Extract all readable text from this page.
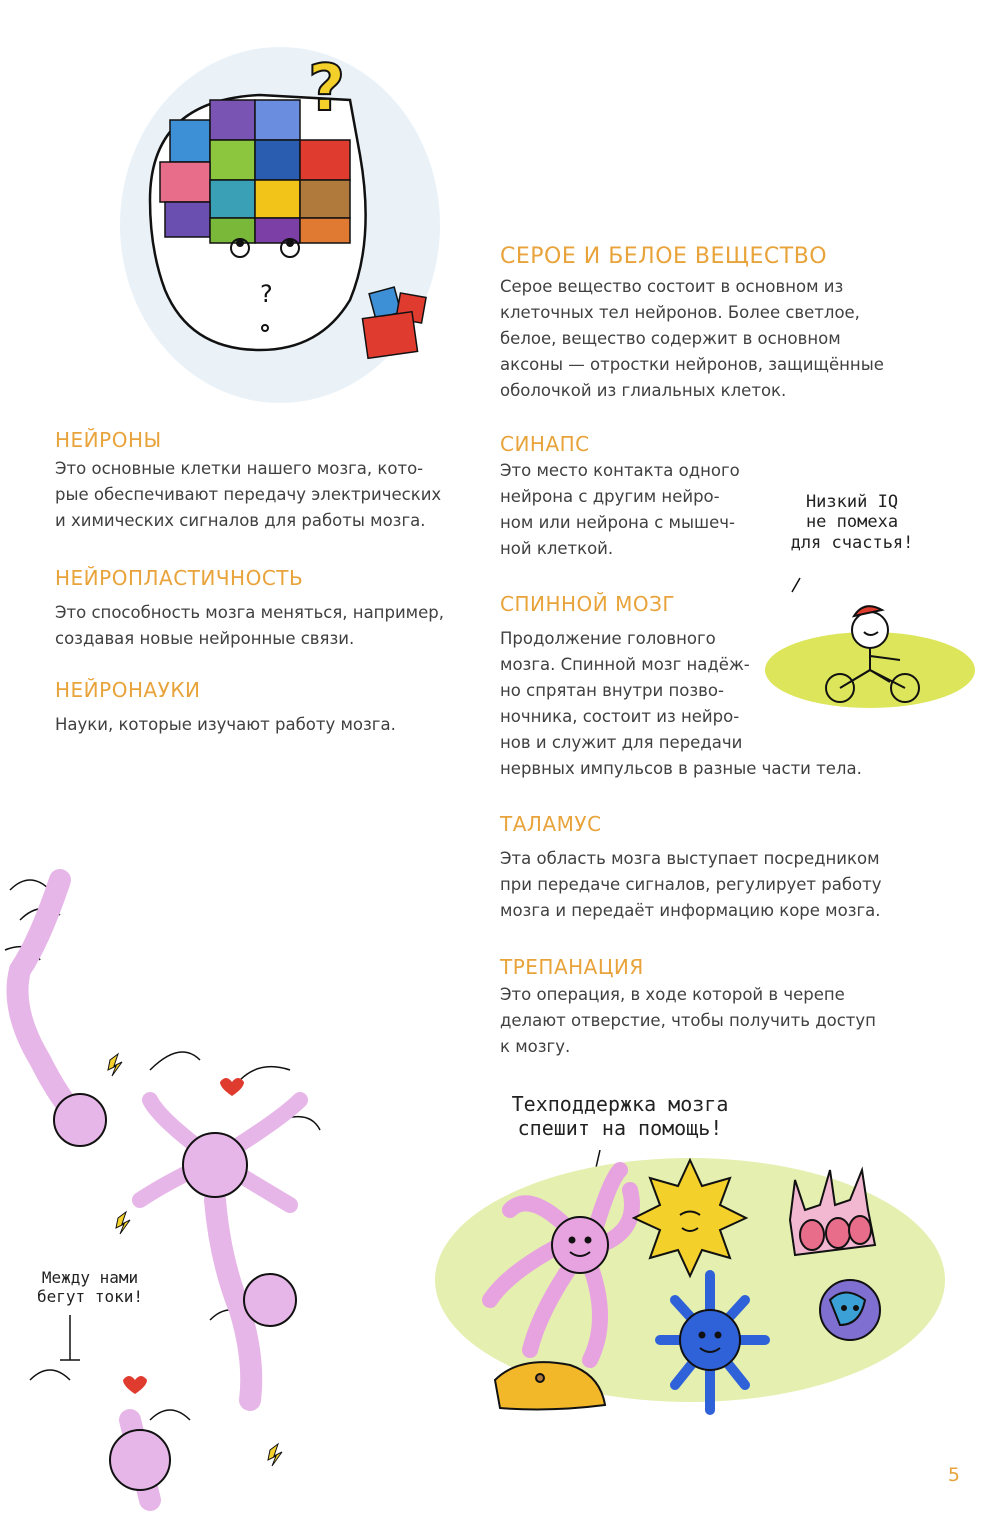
?
?
СЕРОЕ И БЕЛОЕ ВЕЩЕСТВО

Серое вещество состоит в основном из
клеточных тел нейронов. Более светлое,
белое, вещество содержит в основном
аксоны — отростки нейронов, защищённые
оболочкой из глиальных клеток.

НЕЙРОНЫ

Это основные клетки нашего мозга, кото-
рые обеспечивают передачу электрических
и химических сигналов для работы мозга.

НЕЙРОПЛАСТИЧНОСТЬ

Это способность мозга меняться, например,
создавая новые нейронные связи.

НЕЙРОНАУКИ

Науки, которые изучают работу мозга.

СИНАПС

Это место контакта одного
нейрона с другим нейро-
ном или нейрона с мышеч-
ной клеткой.

Низкий IQ
не помеха
для счастья!
СПИННОЙ МОЗГ

Продолжение головного
мозга. Спинной мозг надёж-
но спрятан внутри позво-
ночника, состоит из нейро-
нов и служит для передачи
нервных импульсов в разные части тела.

ТАЛАМУС

Эта область мозга выступает посредником
при передаче сигналов, регулирует работу
мозга и передаёт информацию коре мозга.

ТРЕПАНАЦИЯ

Это операция, в ходе которой в черепе
делают отверстие, чтобы получить доступ
к мозгу.

Техподдержка мозга
спешит на помощь!
Между нами
бегут токи!
5
